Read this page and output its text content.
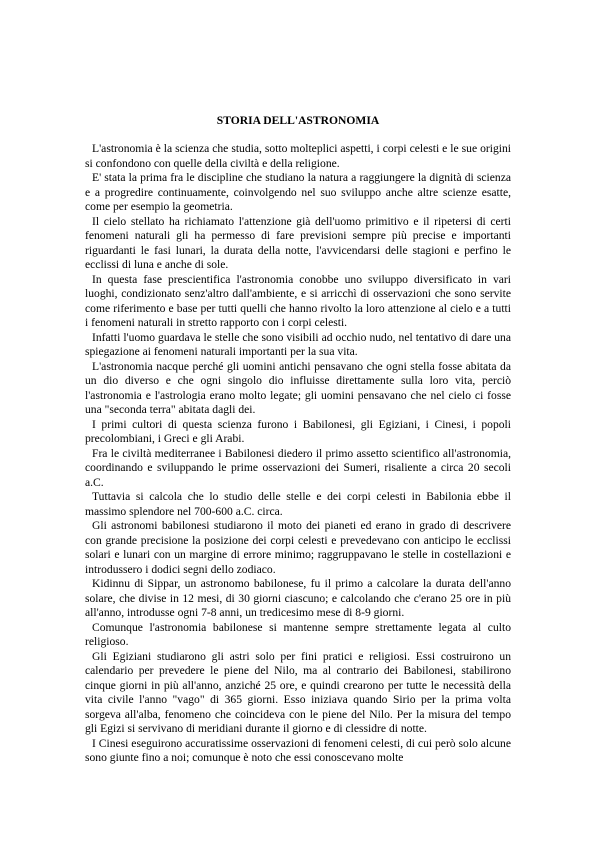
STORIA DELL'ASTRONOMIA

L'astronomia è la scienza che studia, sotto molteplici aspetti, i corpi celesti e le sue origini si confondono con quelle della civiltà e della religione.

E' stata la prima fra le discipline che studiano la natura a raggiungere la dignità di scienza e a progredire continuamente, coinvolgendo nel suo sviluppo anche altre scienze esatte, come per esempio la geometria.

Il cielo stellato ha richiamato l'attenzione già dell'uomo primitivo e il ripetersi di certi fenomeni naturali gli ha permesso di fare previsioni sempre più precise e importanti riguardanti le fasi lunari, la durata della notte, l'avvicendarsi delle stagioni e perfino le ecclissi di luna e anche di sole.

In questa fase prescientifica l'astronomia conobbe uno sviluppo diversificato in vari luoghi, condizionato senz'altro dall'ambiente, e si arricchì di osservazioni che sono servite come riferimento e base per tutti quelli che hanno rivolto la loro attenzione al cielo e a tutti i fenomeni naturali in stretto rapporto con i corpi celesti.

Infatti l'uomo guardava le stelle che sono visibili ad occhio nudo, nel tentativo di dare una spiegazione ai fenomeni naturali importanti per la sua vita.

L'astronomia nacque perché gli uomini antichi pensavano che ogni stella fosse abitata da un dio diverso e che ogni singolo dio influisse direttamente sulla loro vita, perciò l'astronomia e l'astrologia erano molto legate; gli uomini pensavano che nel cielo ci fosse una "seconda terra" abitata dagli dei.

I primi cultori di questa scienza furono i Babilonesi, gli Egiziani, i Cinesi, i popoli precolombiani, i Greci e gli Arabi.

Fra le civiltà mediterranee i Babilonesi diedero il primo assetto scientifico all'astronomia, coordinando e sviluppando le prime osservazioni dei Sumeri, risaliente a circa 20 secoli a.C.

Tuttavia si calcola che lo studio delle stelle e dei corpi celesti in Babilonia ebbe il massimo splendore nel 700-600 a.C. circa.

Gli astronomi babilonesi studiarono il moto dei pianeti ed erano in grado di descrivere con grande precisione la posizione dei corpi celesti e prevedevano con anticipo le ecclissi solari e lunari con un margine di errore minimo; raggruppavano le stelle in costellazioni e introdussero i dodici segni dello zodiaco.

Kidinnu di Sippar, un astronomo babilonese, fu il primo a calcolare la durata dell'anno solare, che divise in 12 mesi, di 30 giorni ciascuno; e calcolando che c'erano 25 ore in più all'anno, introdusse ogni 7-8 anni, un tredicesimo mese di 8-9 giorni.

Comunque l'astronomia babilonese si mantenne sempre strettamente legata al culto religioso.

Gli Egiziani studiarono gli astri solo per fini pratici e religiosi. Essi costruirono un calendario per prevedere le piene del Nilo, ma al contrario dei Babilonesi, stabilirono cinque giorni in più all'anno, anziché 25 ore, e quindi crearono per tutte le necessità della vita civile l'anno "vago" di 365 giorni. Esso iniziava quando Sirio per la prima volta sorgeva all'alba, fenomeno che coincideva con le piene del Nilo. Per la misura del tempo gli Egizi si servivano di meridiani durante il giorno e di clessidre di notte.

I Cinesi eseguirono accuratissime osservazioni di fenomeni celesti, di cui però solo alcune sono giunte fino a noi; comunque è noto che essi conoscevano molte
